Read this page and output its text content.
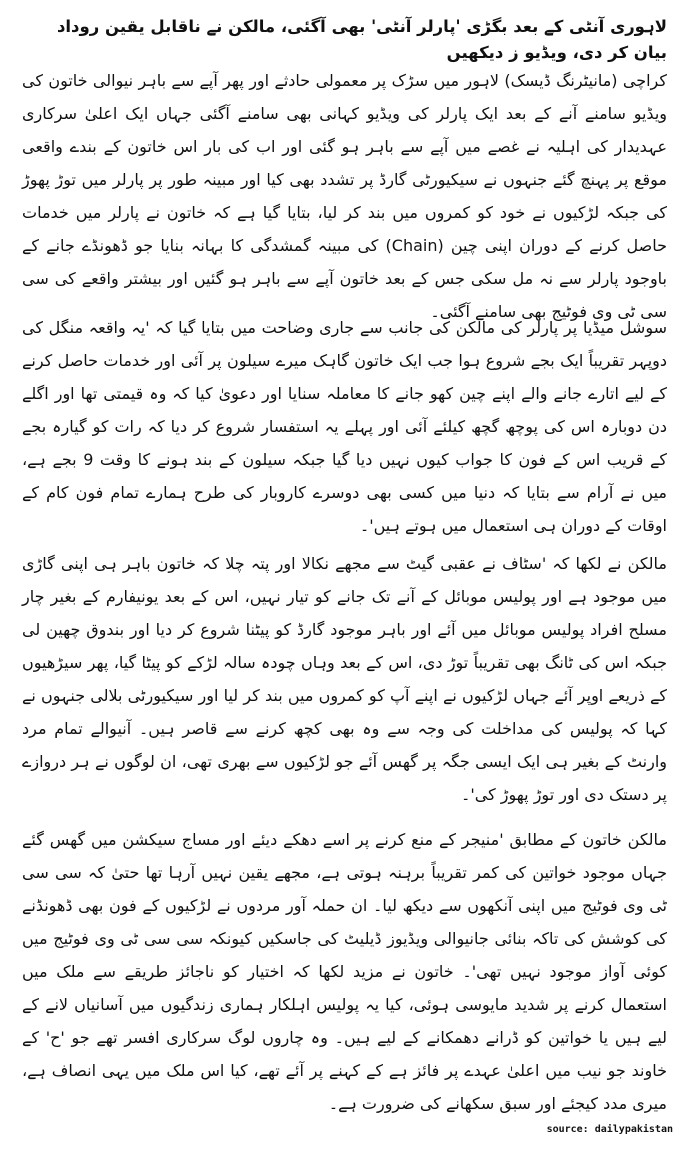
لاہوری آنٹی کے بعد بگڑی 'پارلر آنٹی' بھی آگئی، مالکن نے ناقابل یقین روداد بیان کر دی، ویڈیو ز دیکھیں

کراچی (مانیٹرنگ ڈیسک) لاہور میں سڑک پر معمولی حادثے اور پھر آپے سے باہر نیوالی خاتون کی ویڈیو سامنے آنے کے بعد ایک پارلر کی ویڈیو کہانی بھی سامنے آگئی جہاں ایک اعلیٰ سرکاری عہدیدار کی اہلیہ نے غصے میں آپے سے باہر ہو گئی اور اب کی بار اس خاتون کے بندے واقعی موقع پر پہنچ گئے جنہوں نے سیکیورٹی گارڈ پر تشدد بھی کیا اور مبینہ طور پر پارلر میں توڑ پھوڑ کی جبکہ لڑکیوں نے خود کو کمروں میں بند کر لیا، بتایا گیا ہے کہ خاتون نے پارلر میں خدمات حاصل کرنے کے دوران اپنی چین (Chain) کی مبینہ گمشدگی کا بہانہ بنایا جو ڈھونڈے جانے کے باوجود پارلر سے نہ مل سکی جس کے بعد خاتون آپے سے باہر ہو گئیں اور بیشتر واقعے کی سی سی ٹی وی فوٹیج بھی سامنے آگئی۔

سوشل میڈیا پر پارلر کی مالکن کی جانب سے جاری وضاحت میں بتایا گیا کہ 'یہ واقعہ منگل کی دوپہر تقریباً ایک بجے شروع ہوا جب ایک خاتون گاہک میرے سیلون پر آئی اور خدمات حاصل کرنے کے لیے اتارے جانے والے اپنے چین کھو جانے کا معاملہ سنایا اور دعویٰ کیا کہ وہ قیمتی تھا اور اگلے دن دوبارہ اس کی پوچھ گچھ کیلئے آئی اور پہلے یہ استفسار شروع کر دیا کہ رات کو گیارہ بجے کے قریب اس کے فون کا جواب کیوں نہیں دیا گیا جبکہ سیلون کے بند ہونے کا وقت 9 بجے ہے، میں نے آرام سے بتایا کہ دنیا میں کسی بھی دوسرے کاروبار کی طرح ہمارے تمام فون کام کے اوقات کے دوران ہی استعمال میں ہوتے ہیں'۔

مالکن نے لکھا کہ 'سٹاف نے عقبی گیٹ سے مجھے نکالا اور پتہ چلا کہ خاتون باہر ہی اپنی گاڑی میں موجود ہے اور پولیس موبائل کے آنے تک جانے کو تیار نہیں، اس کے بعد یونیفارم کے بغیر چار مسلح افراد پولیس موبائل میں آئے اور باہر موجود گارڈ کو پیٹنا شروع کر دیا اور بندوق چھین لی جبکہ اس کی ٹانگ بھی تقریباً توڑ دی، اس کے بعد وہاں چودہ سالہ لڑکے کو پیٹا گیا، پھر سیڑھیوں کے ذریعے اوپر آئے جہاں لڑکیوں نے اپنے آپ کو کمروں میں بند کر لیا اور سیکیورٹی بلالی جنہوں نے کہا کہ پولیس کی مداخلت کی وجہ سے وہ بھی کچھ کرنے سے قاصر ہیں۔ آنیوالے تمام مرد وارنٹ کے بغیر ہی ایک ایسی جگہ پر گھس آئے جو لڑکیوں سے بھری تھی، ان لوگوں نے ہر دروازے پر دستک دی اور توڑ پھوڑ کی'۔

مالکن خاتون کے مطابق 'منیجر کے منع کرنے پر اسے دھکے دیئے اور مساج سیکشن میں گھس گئے جہاں موجود خواتین کی کمر تقریباً برہنہ ہوتی ہے، مجھے یقین نہیں آرہا تھا حتیٰ کہ سی سی ٹی وی فوٹیج میں اپنی آنکھوں سے دیکھ لیا۔ ان حملہ آور مردوں نے لڑکیوں کے فون بھی ڈھونڈنے کی کوشش کی تاکہ بنائی جانیوالی ویڈیوز ڈیلیٹ کی جاسکیں کیونکہ سی سی ٹی وی فوٹیج میں کوئی آواز موجود نہیں تھی'۔ خاتون نے مزید لکھا کہ اختیار کو ناجائز طریقے سے ملک میں استعمال کرنے پر شدید مایوسی ہوئی، کیا یہ پولیس اہلکار ہماری زندگیوں میں آسانیاں لانے کے لیے ہیں یا خواتین کو ڈرانے دھمکانے کے لیے ہیں۔ وہ چاروں لوگ سرکاری افسر تھے جو 'ح' کے خاوند جو نیب میں اعلیٰ عہدے پر فائز ہے کے کہنے پر آئے تھے، کیا اس ملک میں یہی انصاف ہے، میری مدد کیجئے اور سبق سکھانے کی ضرورت ہے۔

source: dailypakistan
